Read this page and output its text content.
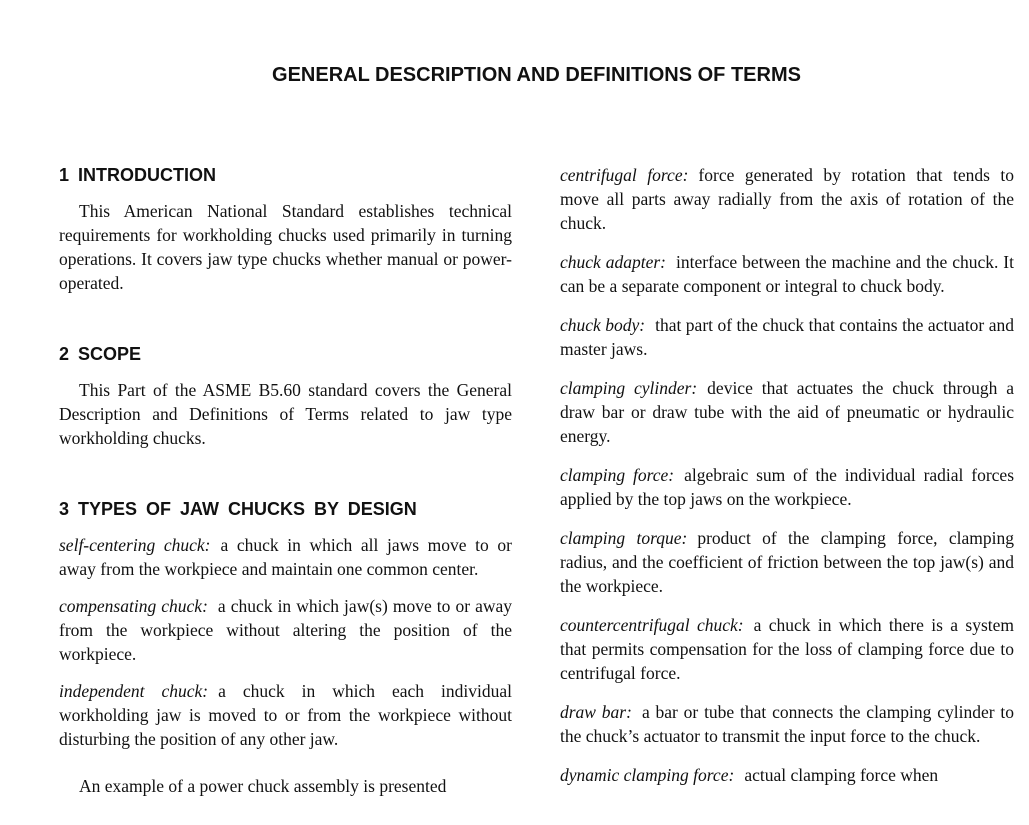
GENERAL DESCRIPTION AND DEFINITIONS OF TERMS
1 INTRODUCTION

This American National Standard establishes technical requirements for workholding chucks used primarily in turning operations. It covers jaw type chucks whether manual or power-operated.

2 SCOPE

This Part of the ASME B5.60 standard covers the General Description and Definitions of Terms related to jaw type workholding chucks.

3 TYPES OF JAW CHUCKS BY DESIGN

self-centering chuck: a chuck in which all jaws move to or away from the workpiece and maintain one common center.

compensating chuck: a chuck in which jaw(s) move to or away from the workpiece without altering the position of the workpiece.

independent chuck: a chuck in which each individual workholding jaw is moved to or from the workpiece without disturbing the position of any other jaw.

An example of a power chuck assembly is presented

centrifugal force: force generated by rotation that tends to move all parts away radially from the axis of rotation of the chuck.

chuck adapter: interface between the machine and the chuck. It can be a separate component or integral to chuck body.

chuck body: that part of the chuck that contains the actuator and master jaws.

clamping cylinder: device that actuates the chuck through a draw bar or draw tube with the aid of pneumatic or hydraulic energy.

clamping force: algebraic sum of the individual radial forces applied by the top jaws on the workpiece.

clamping torque: product of the clamping force, clamping radius, and the coefficient of friction between the top jaw(s) and the workpiece.

countercentrifugal chuck: a chuck in which there is a system that permits compensation for the loss of clamping force due to centrifugal force.

draw bar: a bar or tube that connects the clamping cylinder to the chuck’s actuator to transmit the input force to the chuck.

dynamic clamping force: actual clamping force when
